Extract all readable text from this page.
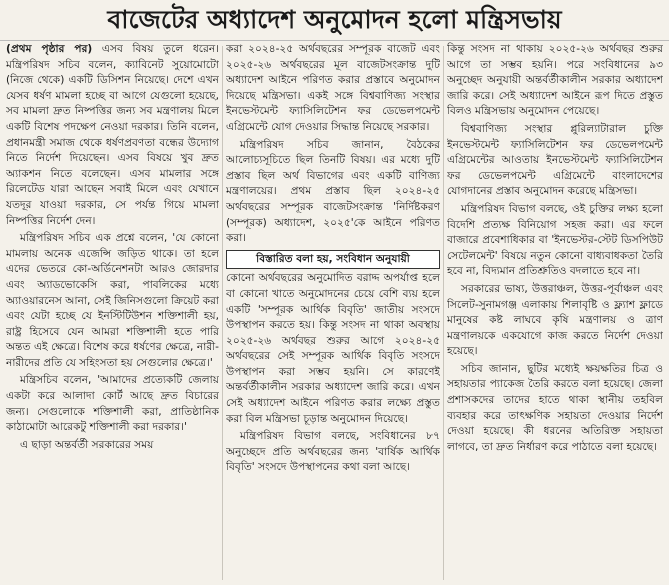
বাজেটের অধ্যাদেশ অনুমোদন হলো মন্ত্রিসভায়

(প্রথম পৃষ্ঠার পর) এসব বিষয় তুলে ধরেন। মন্ত্রিপরিষদ সচিব বলেন, ক্যাবিনেট সুয়োমোটো (নিজে থেকে) একটি ডিসিশন নিয়েছে। দেশে এখন যেসব ধর্ষণ মামলা হচ্ছে বা আগে যেগুলো হয়েছে, সব মামলা দ্রুত নিষ্পত্তির জন্য সব মন্ত্রণালয় মিলে একটি বিশেষ পদক্ষেপ নেওয়া দরকার। তিনি বলেন, প্রধানমন্ত্রী সমাজ থেকে ধর্ষণপ্রবণতা বন্ধের উদ্যোগ নিতে নির্দেশ দিয়েছেন। এসব বিষয়ে খুব দ্রুত অ্যাকশন নিতে বলেছেন। এসব মামলার সঙ্গে রিলেটেড যারা আছেন সবাই মিলে এবং যেখানে যতদূর যাওয়া দরকার, সে পর্যন্ত গিয়ে মামলা নিষ্পত্তির নির্দেশ দেন।

মন্ত্রিপরিষদ সচিব এক প্রশ্নে বলেন, 'যে কোনো মামলায় অনেক এজেন্সি জড়িত থাকে। তা হলে এদের ভেতরে কো-অর্ডিনেশনটা আরও জোরদার এবং অ্যাডভোকেসি করা, পাবলিকের মধ্যে অ্যাওয়ারনেস আনা, সেই জিনিসগুলো ক্রিয়েট করা এবং যেটা হচ্ছে যে ইনস্টিটিউশন শক্তিশালী হয়, রাষ্ট্র হিসেবে যেন আমরা শক্তিশালী হতে পারি অন্তত এই ক্ষেত্রে। বিশেষ করে ধর্ষণের ক্ষেত্রে, নারী-নারীদের প্রতি যে সহিংসতা হয় সেগুলোর ক্ষেত্রে।'

মন্ত্রিসচিব বলেন, 'আমাদের প্রত্যেকটি জেলায় একটা করে আলাদা কোর্ট আছে দ্রুত বিচারের জন্য। সেগুলোকে শক্তিশালী করা, প্রাতিষ্ঠানিক কাঠামোটা আরেকটু শক্তিশালী করা দরকার।'

এ ছাড়া অন্তর্বর্তী সরকারের সময়

করা ২০২৪-২৫ অর্থবছরের সম্পূরক বাজেট এবং ২০২৫-২৬ অর্থবছরের মূল বাজেটসংক্রান্ত দুটি অধ্যাদেশ আইনে পরিণত করার প্রস্তাবে অনুমোদন দিয়েছে মন্ত্রিসভা। একই সঙ্গে বিশ্ববাণিজ্য সংস্থার ইনভেস্টমেন্ট ফ্যাসিলিটেশন ফর ডেভেলপমেন্ট এগ্রিমেন্টে যোগ দেওয়ার সিদ্ধান্ত নিয়েছে সরকার।

মন্ত্রিপরিষদ সচিব জানান, বৈঠকের আলোচ্যসূচিতে ছিল তিনটি বিষয়। এর মধ্যে দুটি প্রস্তাব ছিল অর্থ বিভাগের এবং একটি বাণিজ্য মন্ত্রণালয়ের। প্রথম প্রস্তাব ছিল ২০২৪-২৫ অর্থবছরের সম্পূরক বাজেটসংক্রান্ত 'নির্দিষ্টকরণ (সম্পূরক) অধ্যাদেশ, ২০২৫'কে আইনে পরিণত করা।

বিস্তারিত বলা হয়, সংবিধান অনুযায়ী

কোনো অর্থবছরের অনুমোদিত বরাদ্দ অপর্যাপ্ত হলে বা কোনো খাতে অনুমোদনের চেয়ে বেশি ব্যয় হলে একটি 'সম্পূরক আর্থিক বিবৃতি' জাতীয় সংসদে উপস্থাপন করতে হয়। কিন্তু সংসদ না থাকা অবস্থায় ২০২৫-২৬ অর্থবছর শুরুর আগে ২০২৪-২৫ অর্থবছরের সেই সম্পূরক আর্থিক বিবৃতি সংসদে উপস্থাপন করা সম্ভব হয়নি। সে কারণেই অন্তর্বর্তীকালীন সরকার অধ্যাদেশ জারি করে। এখন সেই অধ্যাদেশ আইনে পরিণত করার লক্ষ্যে প্রস্তুত করা বিল মন্ত্রিসভা চূড়ান্ত অনুমোদন দিয়েছে।

মন্ত্রিপরিষদ বিভাগ বলছে, সংবিধানের ৮৭ অনুচ্ছেদে প্রতি অর্থবছরের জন্য 'বার্ষিক আর্থিক বিবৃতি' সংসদে উপস্থাপনের কথা বলা আছে।

কিন্তু সংসদ না থাকায় ২০২৫-২৬ অর্থবছর শুরুর আগে তা সম্ভব হয়নি। পরে সংবিধানের ৯৩ অনুচ্ছেদ অনুযায়ী অন্তর্বর্তীকালীন সরকার অধ্যাদেশ জারি করে। সেই অধ্যাদেশ আইনে রূপ দিতে প্রস্তুত বিলও মন্ত্রিসভায় অনুমোদন পেয়েছে।

বিশ্ববাণিজ্য সংস্থার প্লুরিল্যাটারাল চুক্তি ইনভেস্টমেন্ট ফ্যাসিলিটেশন ফর ডেভেলপমেন্ট এগ্রিমেন্টের আওতায় ইনভেস্টমেন্ট ফ্যাসিলিটেশন ফর ডেভেলপমেন্ট এগ্রিমেন্টে বাংলাদেশের যোগদানের প্রস্তাব অনুমোদন করেছে মন্ত্রিসভা।

মন্ত্রিপরিষদ বিভাগ বলছে, ওই চুক্তির লক্ষ্য হলো বিদেশি প্রত্যক্ষ বিনিয়োগ সহজ করা। এর ফলে বাজারে প্রবেশাধিকার বা 'ইনভেস্টর-স্টেট ডিসপিউট সেটেলমেন্ট' বিষয়ে নতুন কোনো বাধ্যবাধকতা তৈরি হবে না, বিদ্যমান প্রতিশ্রুতিও বদলাতে হবে না।

সরকারের ভাষ্য, উত্তরাঞ্চল, উত্তর-পূর্বাঞ্চল এবং সিলেট-সুনামগঞ্জ এলাকায় শিলাবৃষ্টি ও ফ্ল্যাশ ফ্লাডে মানুষের কষ্ট লাঘবে কৃষি মন্ত্রণালয় ও ত্রাণ মন্ত্রণালয়কে একযোগে কাজ করতে নির্দেশ দেওয়া হয়েছে।

সচিব জানান, ছুটির মধ্যেই ক্ষয়ক্ষতির চিত্র ও সহায়তার প্যাকেজ তৈরি করতে বলা হয়েছে। জেলা প্রশাসকদের তাদের হাতে থাকা স্থানীয় তহবিল ব্যবহার করে তাৎক্ষণিক সহায়তা দেওয়ার নির্দেশ দেওয়া হয়েছে। কী ধরনের অতিরিক্ত সহায়তা লাগবে, তা দ্রুত নির্ধারণ করে পাঠাতে বলা হয়েছে।
